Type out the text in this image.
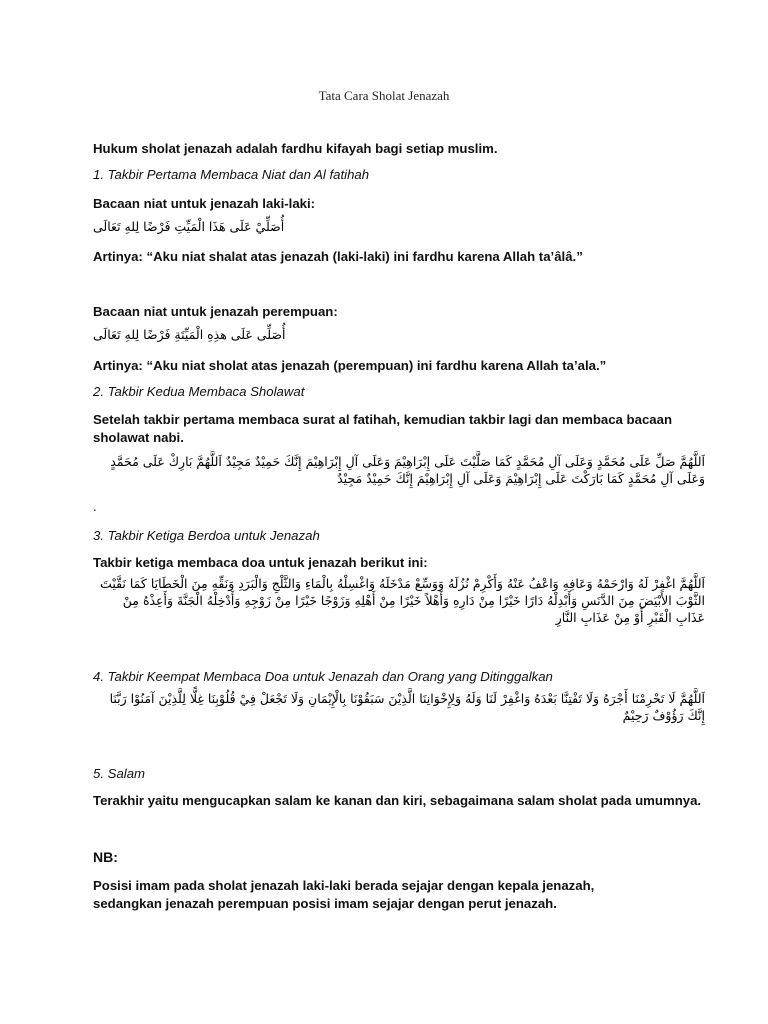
Tata Cara Sholat Jenazah

Hukum sholat jenazah adalah fardhu kifayah bagi setiap muslim.

1. Takbir Pertama Membaca Niat dan Al fatihah

Bacaan niat untuk jenazah laki-laki:

أُصَلِّيْ عَلَى هَذَا الْمَيِّتِ فَرْضًا لِلهِ تَعَالَى

Artinya: “Aku niat shalat atas jenazah (laki-laki) ini fardhu karena Allah ta’âlâ.”

Bacaan niat untuk jenazah perempuan:

أُصَلِّى عَلَى هذِهِ الْمَيِّتَةِ فَرْضًا لِلهِ تَعَالَى

Artinya: “Aku niat sholat atas jenazah (perempuan) ini fardhu karena Allah ta’ala.”

2. Takbir Kedua Membaca Sholawat

Setelah takbir pertama membaca surat al fatihah, kemudian takbir lagi dan membaca bacaan sholawat nabi.

اَللَّهُمَّ صَلِّ عَلَى مُحَمَّدٍ وَعَلَى آلِ مُحَمَّدٍ كَمَا صَلَّيْتَ عَلَى إِبْرَاهِيْمَ وَعَلَى آلِ إِبْرَاهِيْمَ إِنَّكَ حَمِيْدٌ مَجِيْدٌ اَللَّهُمَّ بَارِكْ عَلَى مُحَمَّدٍ وَعَلَى آلِ مُحَمَّدٍ كَمَا بَارَكْتَ عَلَى إِبْرَاهِيْمَ وَعَلَى آلِ إِبْرَاهِيْمَ إِنَّكَ حَمِيْدٌ مَجِيْدٌ

.

3. Takbir Ketiga Berdoa untuk Jenazah

Takbir ketiga membaca doa untuk jenazah berikut ini:

اَللَّهُمَّ اغْفِرْ لَهُ وَارْحَمْهُ وَعَافِهِ وَاعْفُ عَنْهُ وَأَكْرِمْ نُزُلَهُ وَوَسِّعْ مَدْخَلَهُ وَاغْسِلْهُ بِالْمَاءِ وَالثَّلْجِ وَالْبَرَدِ وَنَقِّهِ مِنَ الْخَطَايَا كَمَا نَقَّيْتَ الثَّوْبَ الأَبْيَضَ مِنَ الدَّنَسِ وَأَبْدِلْهُ دَارًا خَيْرًا مِنْ دَارِهِ وَأَهْلاً خَيْرًا مِنْ أَهْلِهِ وَزَوْجًا خَيْرًا مِنْ زَوْجِهِ وَأَدْخِلْهُ الْجَنَّةَ وَأَعِذْهُ مِنْ عَذَابِ الْقَبْرِ أَوْ مِنْ عَذَابِ النَّارِ

4. Takbir Keempat Membaca Doa untuk Jenazah dan Orang yang Ditinggalkan

اَللَّهُمَّ لَا تَحْرِمْنَا أَجْرَهُ وَلَا تَفْتِنَّا بَعْدَهُ وَاغْفِرْ لَنَا وَلَهُ وَلِإِخْوَانِنَا الَّذِيْنَ سَبَقُوْنَا بِالْإِيْمَانِ وَلَا تَجْعَلْ فِيْ قُلُوْبِنَا غِلًّا لِلَّذِيْنَ آمَنُوْا رَبَّنَا إِنَّكَ رَؤُوْفٌ رَحِيْمٌ

5. Salam

Terakhir yaitu mengucapkan salam ke kanan dan kiri, sebagaimana salam sholat pada umumnya.

NB:

Posisi imam pada sholat jenazah laki-laki berada sejajar dengan kepala jenazah,

sedangkan jenazah perempuan posisi imam sejajar dengan perut jenazah.
